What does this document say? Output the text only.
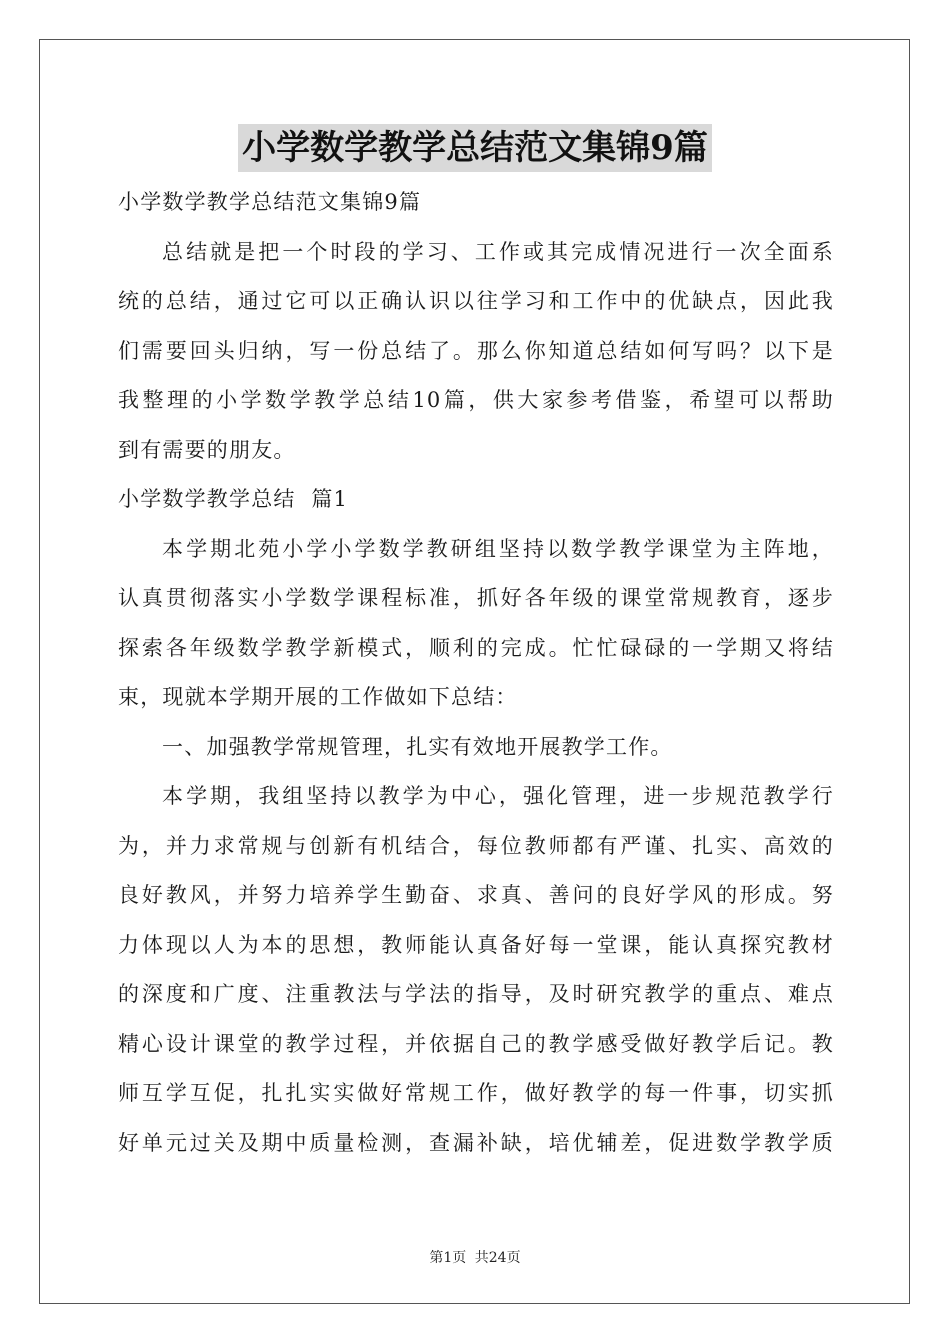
小学数学教学总结范文集锦9篇
小学数学教学总结范文集锦9篇
总结就是把一个时段的学习、工作或其完成情况进行一次全面系
统的总结，通过它可以正确认识以往学习和工作中的优缺点，因此我
们需要回头归纳，写一份总结了。那么你知道总结如何写吗？以下是
我整理的小学数学教学总结10篇，供大家参考借鉴，希望可以帮助
到有需要的朋友。
小学数学教学总结  篇1
本学期北苑小学小学数学教研组坚持以数学教学课堂为主阵地，
认真贯彻落实小学数学课程标准，抓好各年级的课堂常规教育，逐步
探索各年级数学教学新模式，顺利的完成。忙忙碌碌的一学期又将结
束，现就本学期开展的工作做如下总结：
一、加强教学常规管理，扎实有效地开展教学工作。
本学期，我组坚持以教学为中心，强化管理，进一步规范教学行
为，并力求常规与创新有机结合，每位教师都有严谨、扎实、高效的
良好教风，并努力培养学生勤奋、求真、善问的良好学风的形成。努
力体现以人为本的思想，教师能认真备好每一堂课，能认真探究教材
的深度和广度、注重教法与学法的指导，及时研究教学的重点、难点
精心设计课堂的教学过程，并依据自己的教学感受做好教学后记。教
师互学互促，扎扎实实做好常规工作，做好教学的每一件事，切实抓
好单元过关及期中质量检测，查漏补缺，培优辅差，促进数学教学质
第1页 共24页
